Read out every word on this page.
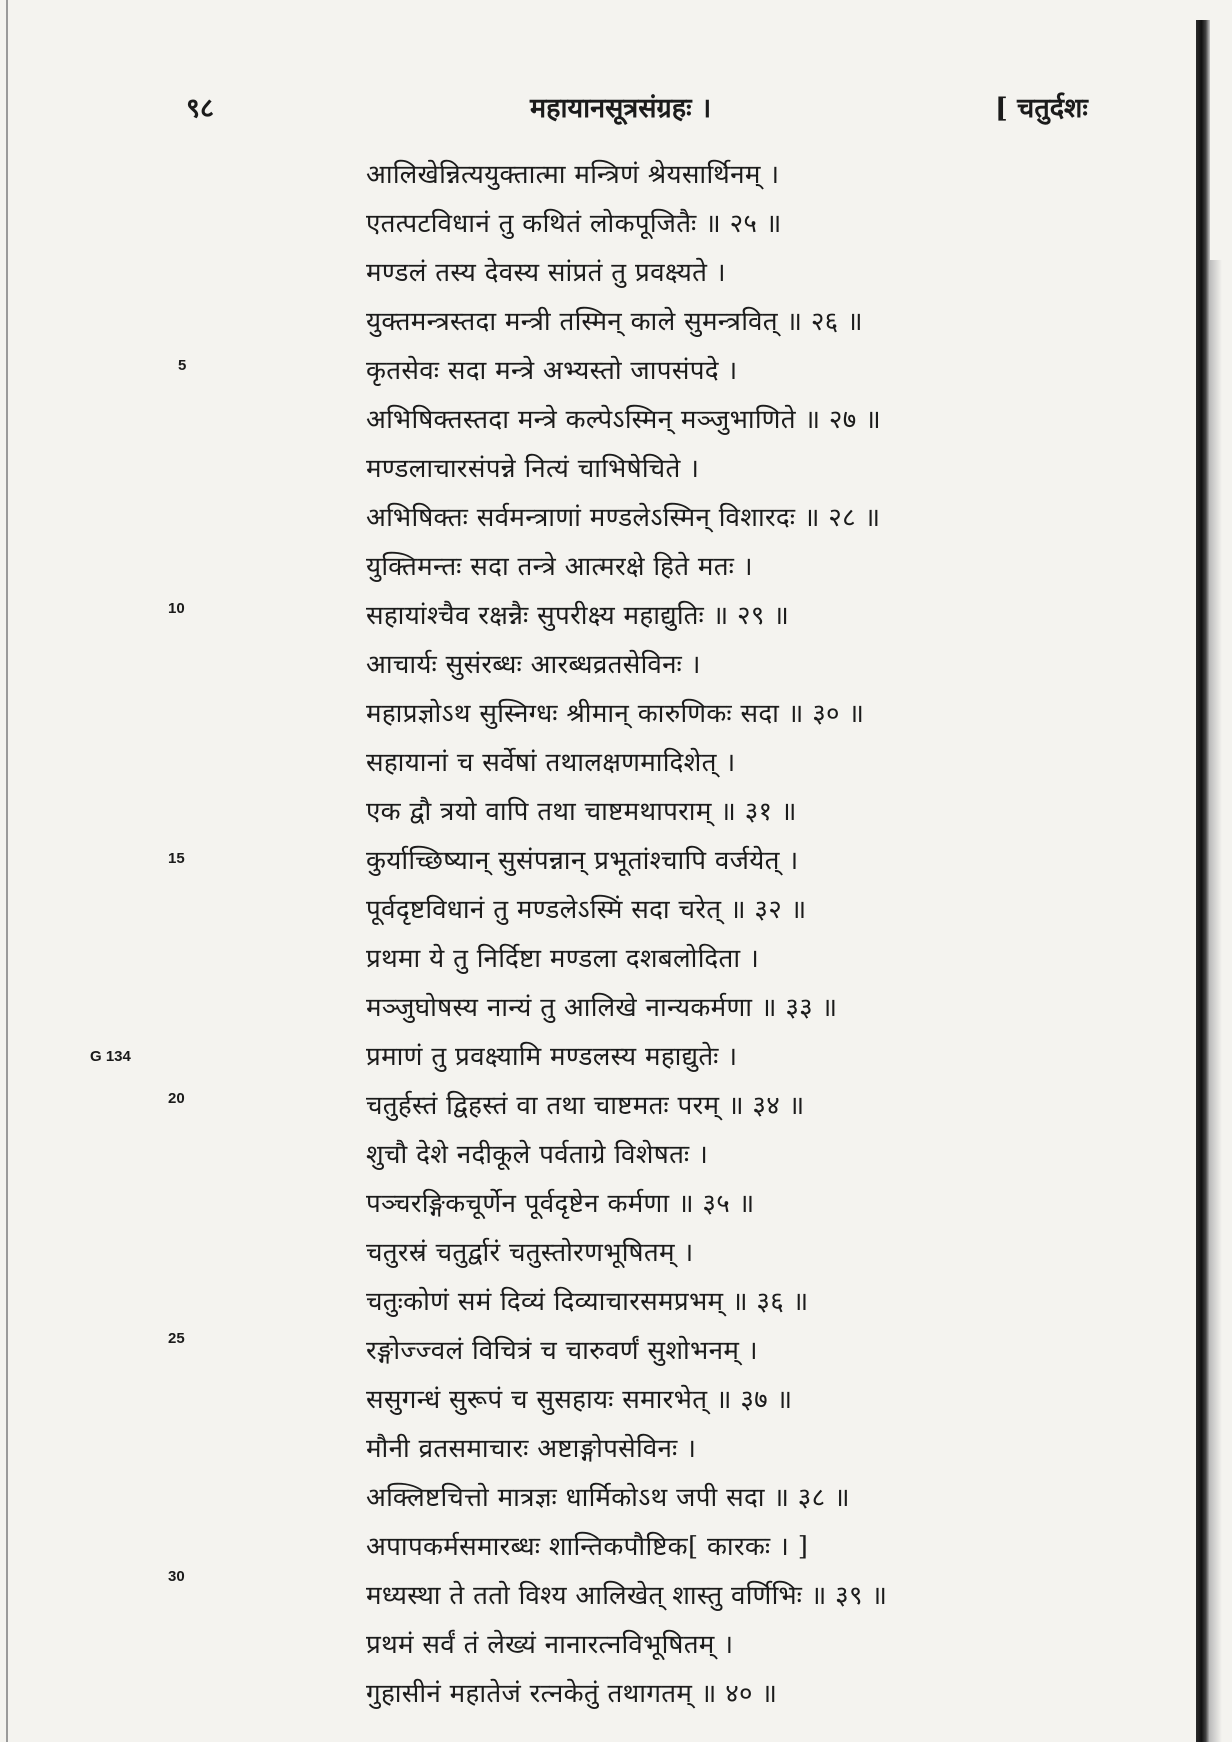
९८	महायानसूत्रसंग्रहः ।	[ चतुर्दशः
5
10
15
G 134
20
25
30
आलिखेन्नित्ययुक्तात्मा मन्त्रिणं श्रेयसार्थिनम् ।
एतत्पटविधानं तु कथितं लोकपूजितैः ॥ २५ ॥
मण्डलं तस्य देवस्य सांप्रतं तु प्रवक्ष्यते ।
युक्तमन्त्रस्तदा मन्त्री तस्मिन् काले सुमन्त्रवित् ॥ २६ ॥
कृतसेवः सदा मन्त्रे अभ्यस्तो जापसंपदे ।
अभिषिक्तस्तदा मन्त्रे कल्पेऽस्मिन् मञ्जुभाणिते ॥ २७ ॥
मण्डलाचारसंपन्ने नित्यं चाभिषेचिते ।
अभिषिक्तः सर्वमन्त्राणां मण्डलेऽस्मिन् विशारदः ॥ २८ ॥
युक्तिमन्तः सदा तन्त्रे आत्मरक्षे हिते मतः ।
सहायांश्चैव रक्षन्नैः सुपरीक्ष्य महाद्युतिः ॥ २९ ॥
आचार्यः सुसंरब्धः आरब्धव्रतसेविनः ।
महाप्रज्ञोऽथ सुस्निग्धः श्रीमान् कारुणिकः सदा ॥ ३० ॥
सहायानां च सर्वेषां तथालक्षणमादिशेत् ।
एक द्वौ त्रयो वापि तथा चाष्टमथापराम् ॥ ३१ ॥
कुर्याच्छिष्यान् सुसंपन्नान् प्रभूतांश्चापि वर्जयेत् ।
पूर्वदृष्टविधानं तु मण्डलेऽस्मिं सदा चरेत् ॥ ३२ ॥
प्रथमा ये तु निर्दिष्टा मण्डला दशबलोदिता ।
मञ्जुघोषस्य नान्यं तु आलिखे नान्यकर्मणा ॥ ३३ ॥
प्रमाणं तु प्रवक्ष्यामि मण्डलस्य महाद्युतेः ।
चतुर्हस्तं द्विहस्तं वा तथा चाष्टमतः परम् ॥ ३४ ॥
शुचौ देशे नदीकूले पर्वताग्रे विशेषतः ।
पञ्चरङ्गिकचूर्णेन पूर्वदृष्टेन कर्मणा ॥ ३५ ॥
चतुरस्रं चतुर्द्वारं चतुस्तोरणभूषितम् ।
चतुःकोणं समं दिव्यं दिव्याचारसमप्रभम् ॥ ३६ ॥
रङ्गोज्ज्वलं विचित्रं च चारुवर्णं सुशोभनम् ।
ससुगन्धं सुरूपं च सुसहायः समारभेत् ॥ ३७ ॥
मौनी व्रतसमाचारः अष्टाङ्गोपसेविनः ।
अक्लिष्टचित्तो मात्रज्ञः धार्मिकोऽथ जपी सदा ॥ ३८ ॥
अपापकर्मसमारब्धः शान्तिकपौष्टिक[ कारकः । ]
मध्यस्था ते ततो विश्य आलिखेत् शास्तु वर्णिभिः ॥ ३९ ॥
प्रथमं सर्वं तं लेख्यं नानारत्नविभूषितम् ।
गुहासीनं महातेजं रत्नकेतुं तथागतम् ॥ ४० ॥
